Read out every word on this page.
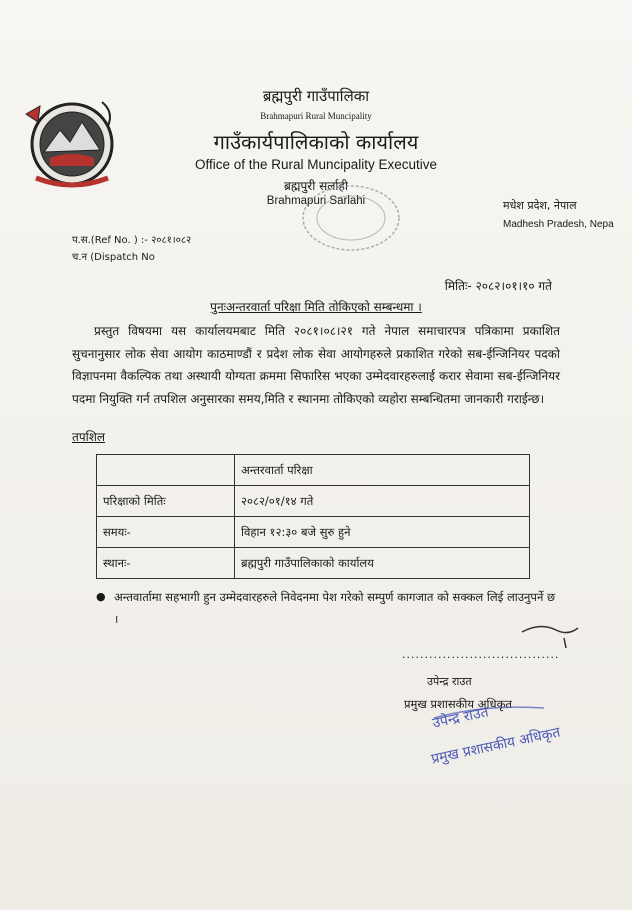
ब्रह्मपुरी गाउँपालिका
Brahmapuri Rural Muncipality
गाउँकार्यपालिकाको कार्यालय
Office of the Rural Muncipality Executive
ब्रह्मपुरी सर्लाही
Brahmapuri Sarlahi	मधेश प्रदेश, नेपाल
Madhesh Pradesh, Nepa
प.स.(Ref No. ) :- २०८१।०८२
च.न (Dispatch No
मितिः- २०८२।०१।१० गते
पुनःअन्तरवार्ता परिक्षा मिति तोकिएको सम्बन्धमा ।
प्रस्तुत विषयमा यस कार्यालयमबाट मिति २०८१।०८।२१ गते नेपाल समाचारपत्र पत्रिकामा प्रकाशित सुचनानुसार लोक सेवा आयोग काठमाण्डौं र प्रदेश लोक सेवा आयोगहरुले प्रकाशित गरेको सब-ईन्जिनियर पदको विज्ञापनमा वैकल्पिक तथा अस्थायी योग्यता क्रममा सिफारिस भएका उम्मेदवारहरुलाई करार सेवामा सब-ईन्जिनियर पदमा नियुक्ति गर्न तपशिल अनुसारका समय,मिति र स्थानमा तोकिएको व्यहोरा सम्बन्धितमा जानकारी गराईन्छ।
तपशिल
	अन्तरवार्ता परिक्षा
परिक्षाको मितिः	२०८२/०१/१४ गते
समयः-	विहान १२:३० बजे सुरु हुने
स्थानः-	ब्रह्मपुरी गाउँपालिकाको कार्यालय
● अन्तवार्तामा सहभागी हुन उम्मेदवारहरुले निवेदनमा पेश गरेको सम्पुर्ण कागजात को सक्कल लिई लाउनुपर्ने छ ।
...................................
उपेन्द्र राउत
प्रमुख प्रशासकीय अधिकृत
उपेन्द्र राउत
प्रमुख प्रशासकीय अधिकृत
